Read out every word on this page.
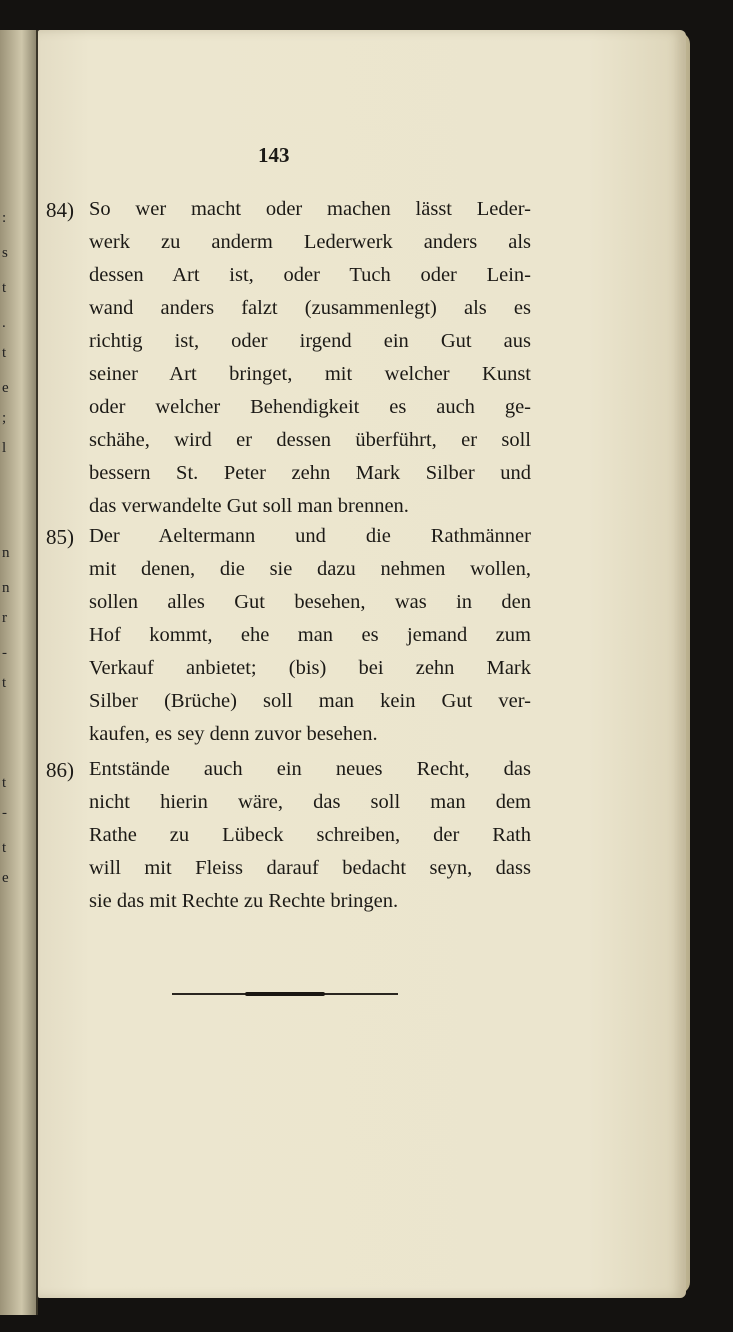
:
s
t
.
t
e
;
l
n
n
r
-
t
t
-
t
e
143
84) So wer macht oder machen lässt Leder-
werk zu anderm Lederwerk anders als
dessen Art ist, oder Tuch oder Lein-
wand anders falzt (zusammenlegt) als es
richtig ist, oder irgend ein Gut aus
seiner Art bringet, mit welcher Kunst
oder welcher Behendigkeit es auch ge-
schähe, wird er dessen überführt, er soll
bessern St. Peter zehn Mark Silber und
das verwandelte Gut soll man brennen.
85) Der Aeltermann und die Rathmänner
mit denen, die sie dazu nehmen wollen,
sollen alles Gut besehen, was in den
Hof kommt, ehe man es jemand zum
Verkauf anbietet; (bis) bei zehn Mark
Silber (Brüche) soll man kein Gut ver-
kaufen, es sey denn zuvor besehen.
86) Entstände auch ein neues Recht, das
nicht hierin wäre, das soll man dem
Rathe zu Lübeck schreiben, der Rath
will mit Fleiss darauf bedacht seyn, dass
sie das mit Rechte zu Rechte bringen.
